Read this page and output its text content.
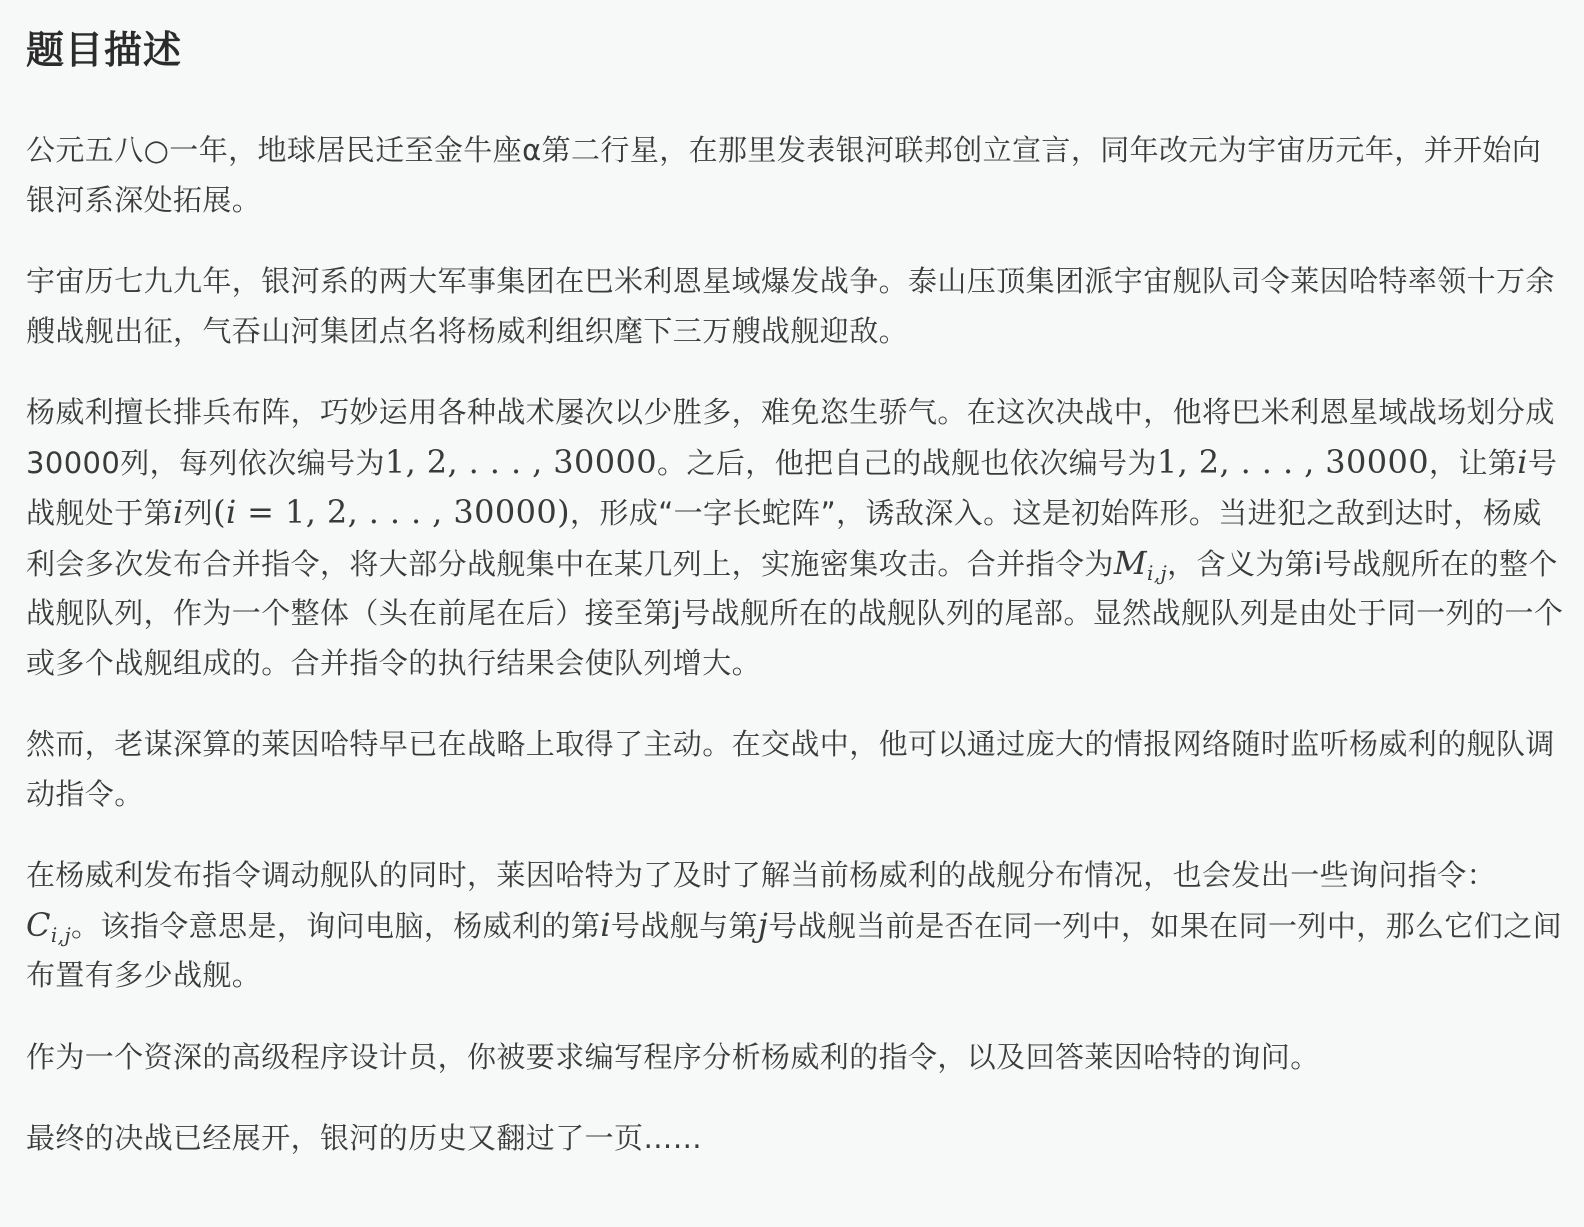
题目描述

公元五八○一年，地球居民迁至金牛座α第二行星，在那里发表银河联邦创立宣言，同年改元为宇宙历元年，并开始向银河系深处拓展。

宇宙历七九九年，银河系的两大军事集团在巴米利恩星域爆发战争。泰山压顶集团派宇宙舰队司令莱因哈特率领十万余艘战舰出征，气吞山河集团点名将杨威利组织麾下三万艘战舰迎敌。

杨威利擅长排兵布阵，巧妙运用各种战术屡次以少胜多，难免恣生骄气。在这次决战中，他将巴米利恩星域战场划分成30000列，每列依次编号为1, 2, . . . , 30000。之后，他把自己的战舰也依次编号为1, 2, . . . , 30000，让第i号战舰处于第i列(i = 1, 2, . . . , 30000)，形成“一字长蛇阵”，诱敌深入。这是初始阵形。当进犯之敌到达时，杨威利会多次发布合并指令，将大部分战舰集中在某几列上，实施密集攻击。合并指令为$M_{i,j}$，含义为第i号战舰所在的整个战舰队列，作为一个整体（头在前尾在后）接至第j号战舰所在的战舰队列的尾部。显然战舰队列是由处于同一列的一个或多个战舰组成的。合并指令的执行结果会使队列增大。

然而，老谋深算的莱因哈特早已在战略上取得了主动。在交战中，他可以通过庞大的情报网络随时监听杨威利的舰队调动指令。

在杨威利发布指令调动舰队的同时，莱因哈特为了及时了解当前杨威利的战舰分布情况，也会发出一些询问指令：$C_{i,j}$。该指令意思是，询问电脑，杨威利的第i号战舰与第j号战舰当前是否在同一列中，如果在同一列中，那么它们之间布置有多少战舰。

作为一个资深的高级程序设计员，你被要求编写程序分析杨威利的指令，以及回答莱因哈特的询问。

最终的决战已经展开，银河的历史又翻过了一页……
